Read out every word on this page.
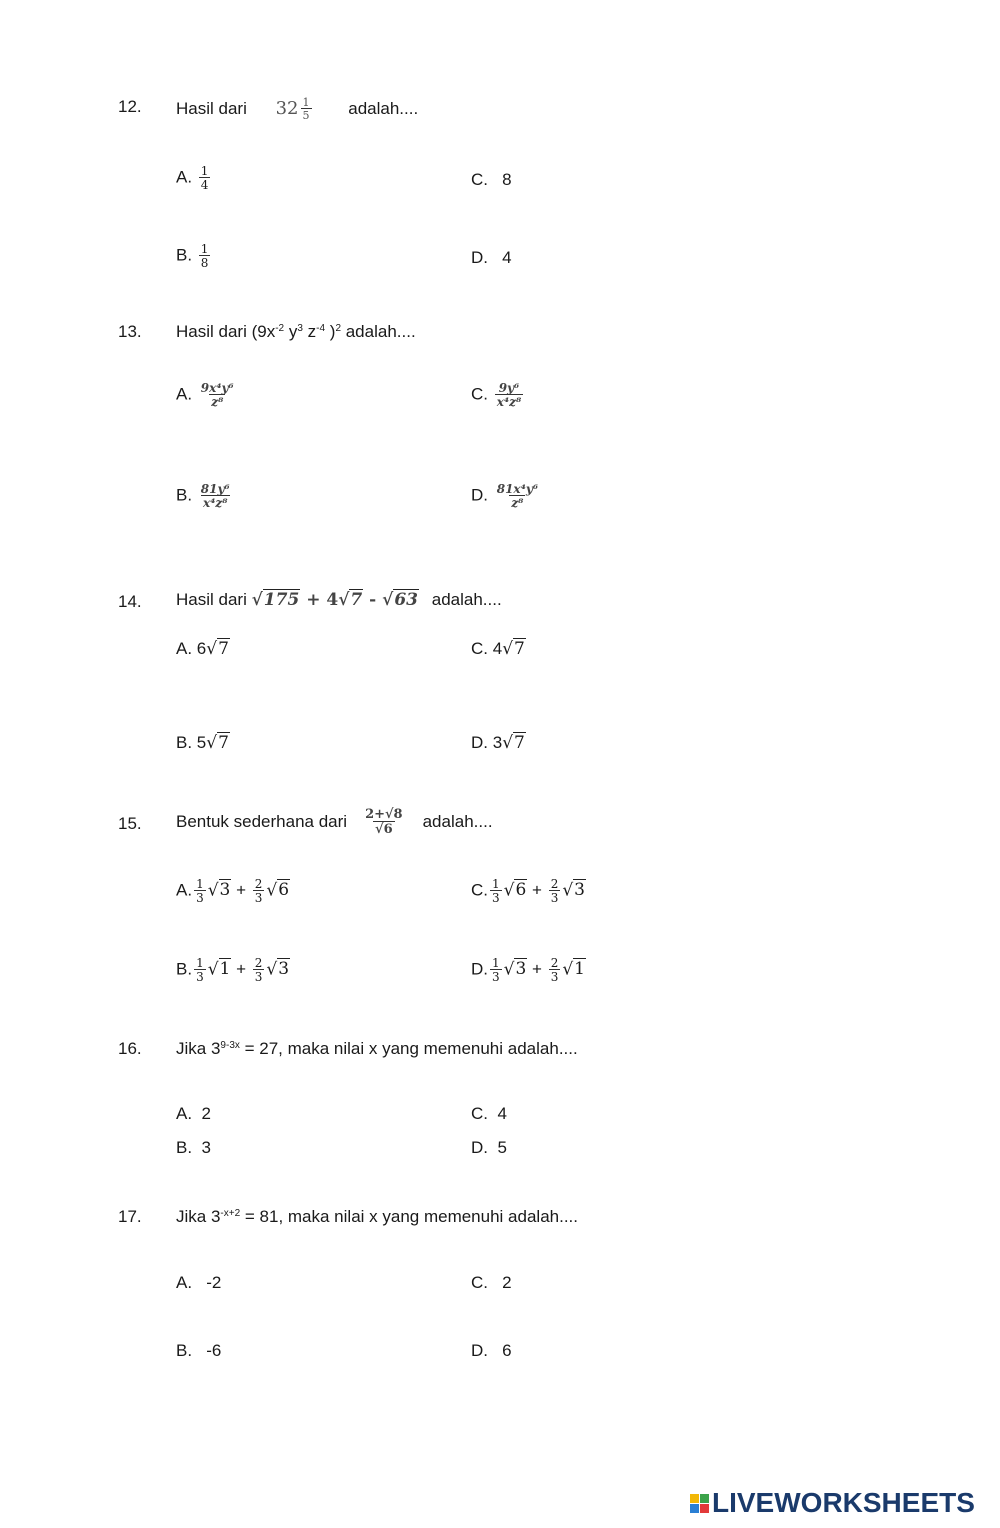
12. Hasil dari $32 \frac{1}{5}$ adalah....
A. $\frac{1}{4}$	C. 8
B. $\frac{1}{8}$	D. 4
13. Hasil dari ($9x^{-2}$ $y^3$ $z^{-4}$ )$^2$ adalah....
A. $\frac{\text{9x⁴y⁶}}{\text{z⁸}}$	C. $\frac{\text{9y⁶}}{\text{x⁴z⁸}}$
B. $\frac{\text{81y⁶}}{\text{x⁴z⁸}}$	D. $\frac{\text{81x⁴y⁶}}{\text{z⁸}}$
14. Hasil dari √175 + 4√7 - √63 adalah....
A. 6√7	C. 4√7
B. 5√7	D. 3√7
15. Bentuk sederhana dari $\frac{2+√8}{√6}$ adalah....
A. $\frac{1}{3} √3 + \frac{2}{3} √6$	C. $\frac{1}{3} √6 + \frac{2}{3} √3$
B. $\frac{1}{3} √1 + \frac{2}{3} √3$	D. $\frac{1}{3} √3 + \frac{2}{3} √1$
16. Jika $3^{9-3x} = 27$, maka nilai x yang memenuhi adalah....
A. 2	C. 4
B. 3	D. 5
17. Jika $3^{-x+2} = 81$, maka nilai x yang memenuhi adalah....
A. -2	C. 2
B. -6	D. 6
LIVEWORKSHEETS
